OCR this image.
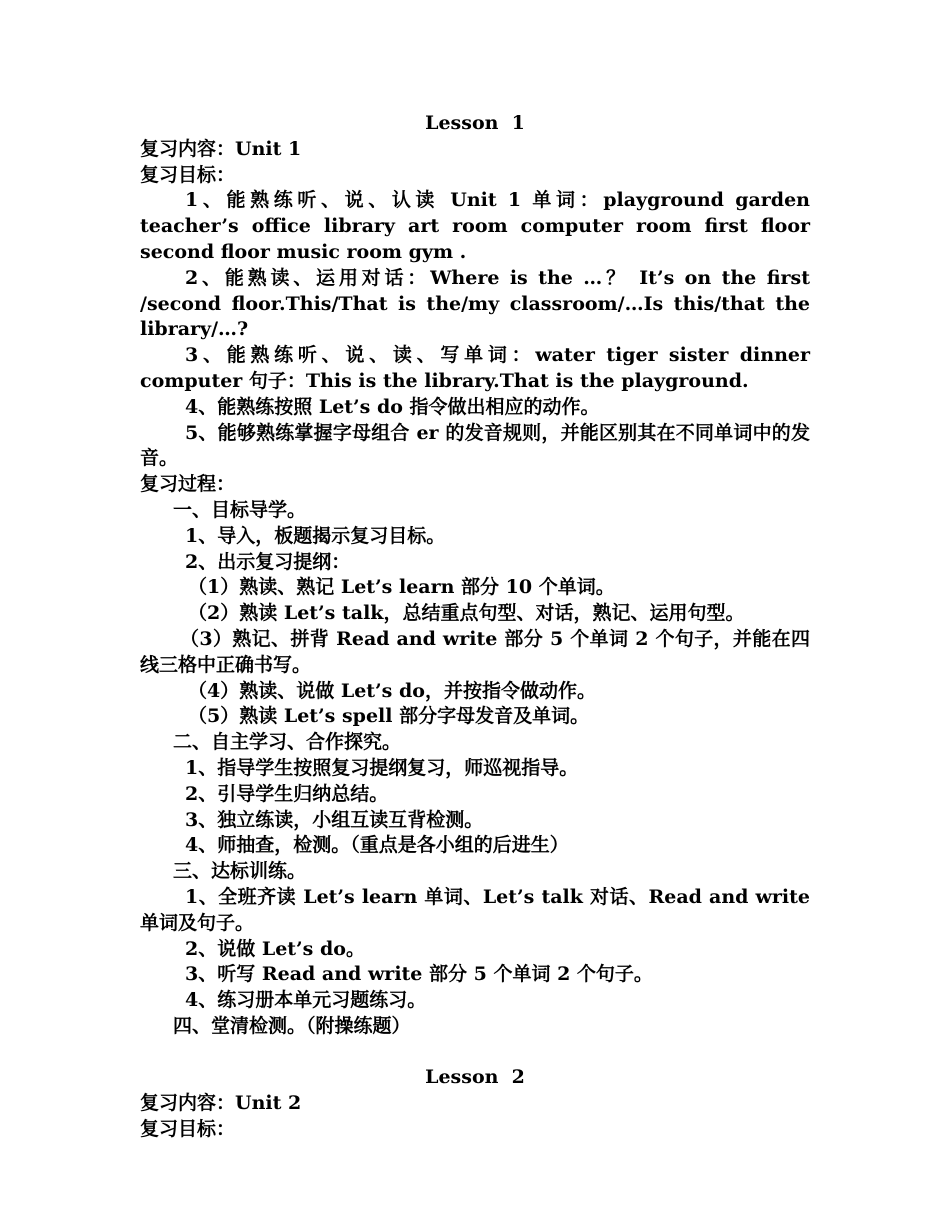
Lesson  1
复习内容：Unit 1
复习目标：
1、能熟练听、说、认读 Unit 1 单词：playground garden teacher’s office library art room computer room first floor second floor music room gym .
2、能熟读、运用对话：Where is the …？ It’s on the first /second floor.This/That is the/my classroom/…Is this/that the library/…?
3、能熟练听、说、读、写单词：water tiger sister dinner computer 句子：This is the library.That is the playground.
4、能熟练按照 Let’s do 指令做出相应的动作。
5、能够熟练掌握字母组合 er 的发音规则，并能区别其在不同单词中的发音。
复习过程：
一、目标导学。
1、导入，板题揭示复习目标。
2、出示复习提纲：
（1）熟读、熟记 Let’s learn 部分 10 个单词。
（2）熟读 Let’s talk，总结重点句型、对话，熟记、运用句型。
（3）熟记、拼背 Read and write 部分 5 个单词 2 个句子，并能在四线三格中正确书写。
（4）熟读、说做 Let’s do，并按指令做动作。
（5）熟读 Let’s spell 部分字母发音及单词。
二、自主学习、合作探究。
1、指导学生按照复习提纲复习，师巡视指导。
2、引导学生归纳总结。
3、独立练读，小组互读互背检测。
4、师抽查，检测。（重点是各小组的后进生）
三、达标训练。
1、全班齐读 Let’s learn 单词、Let’s talk 对话、Read and write 单词及句子。
2、说做 Let’s do。
3、听写 Read and write 部分 5 个单词 2 个句子。
4、练习册本单元习题练习。
四、堂清检测。（附操练题）
Lesson  2
复习内容：Unit 2
复习目标：
